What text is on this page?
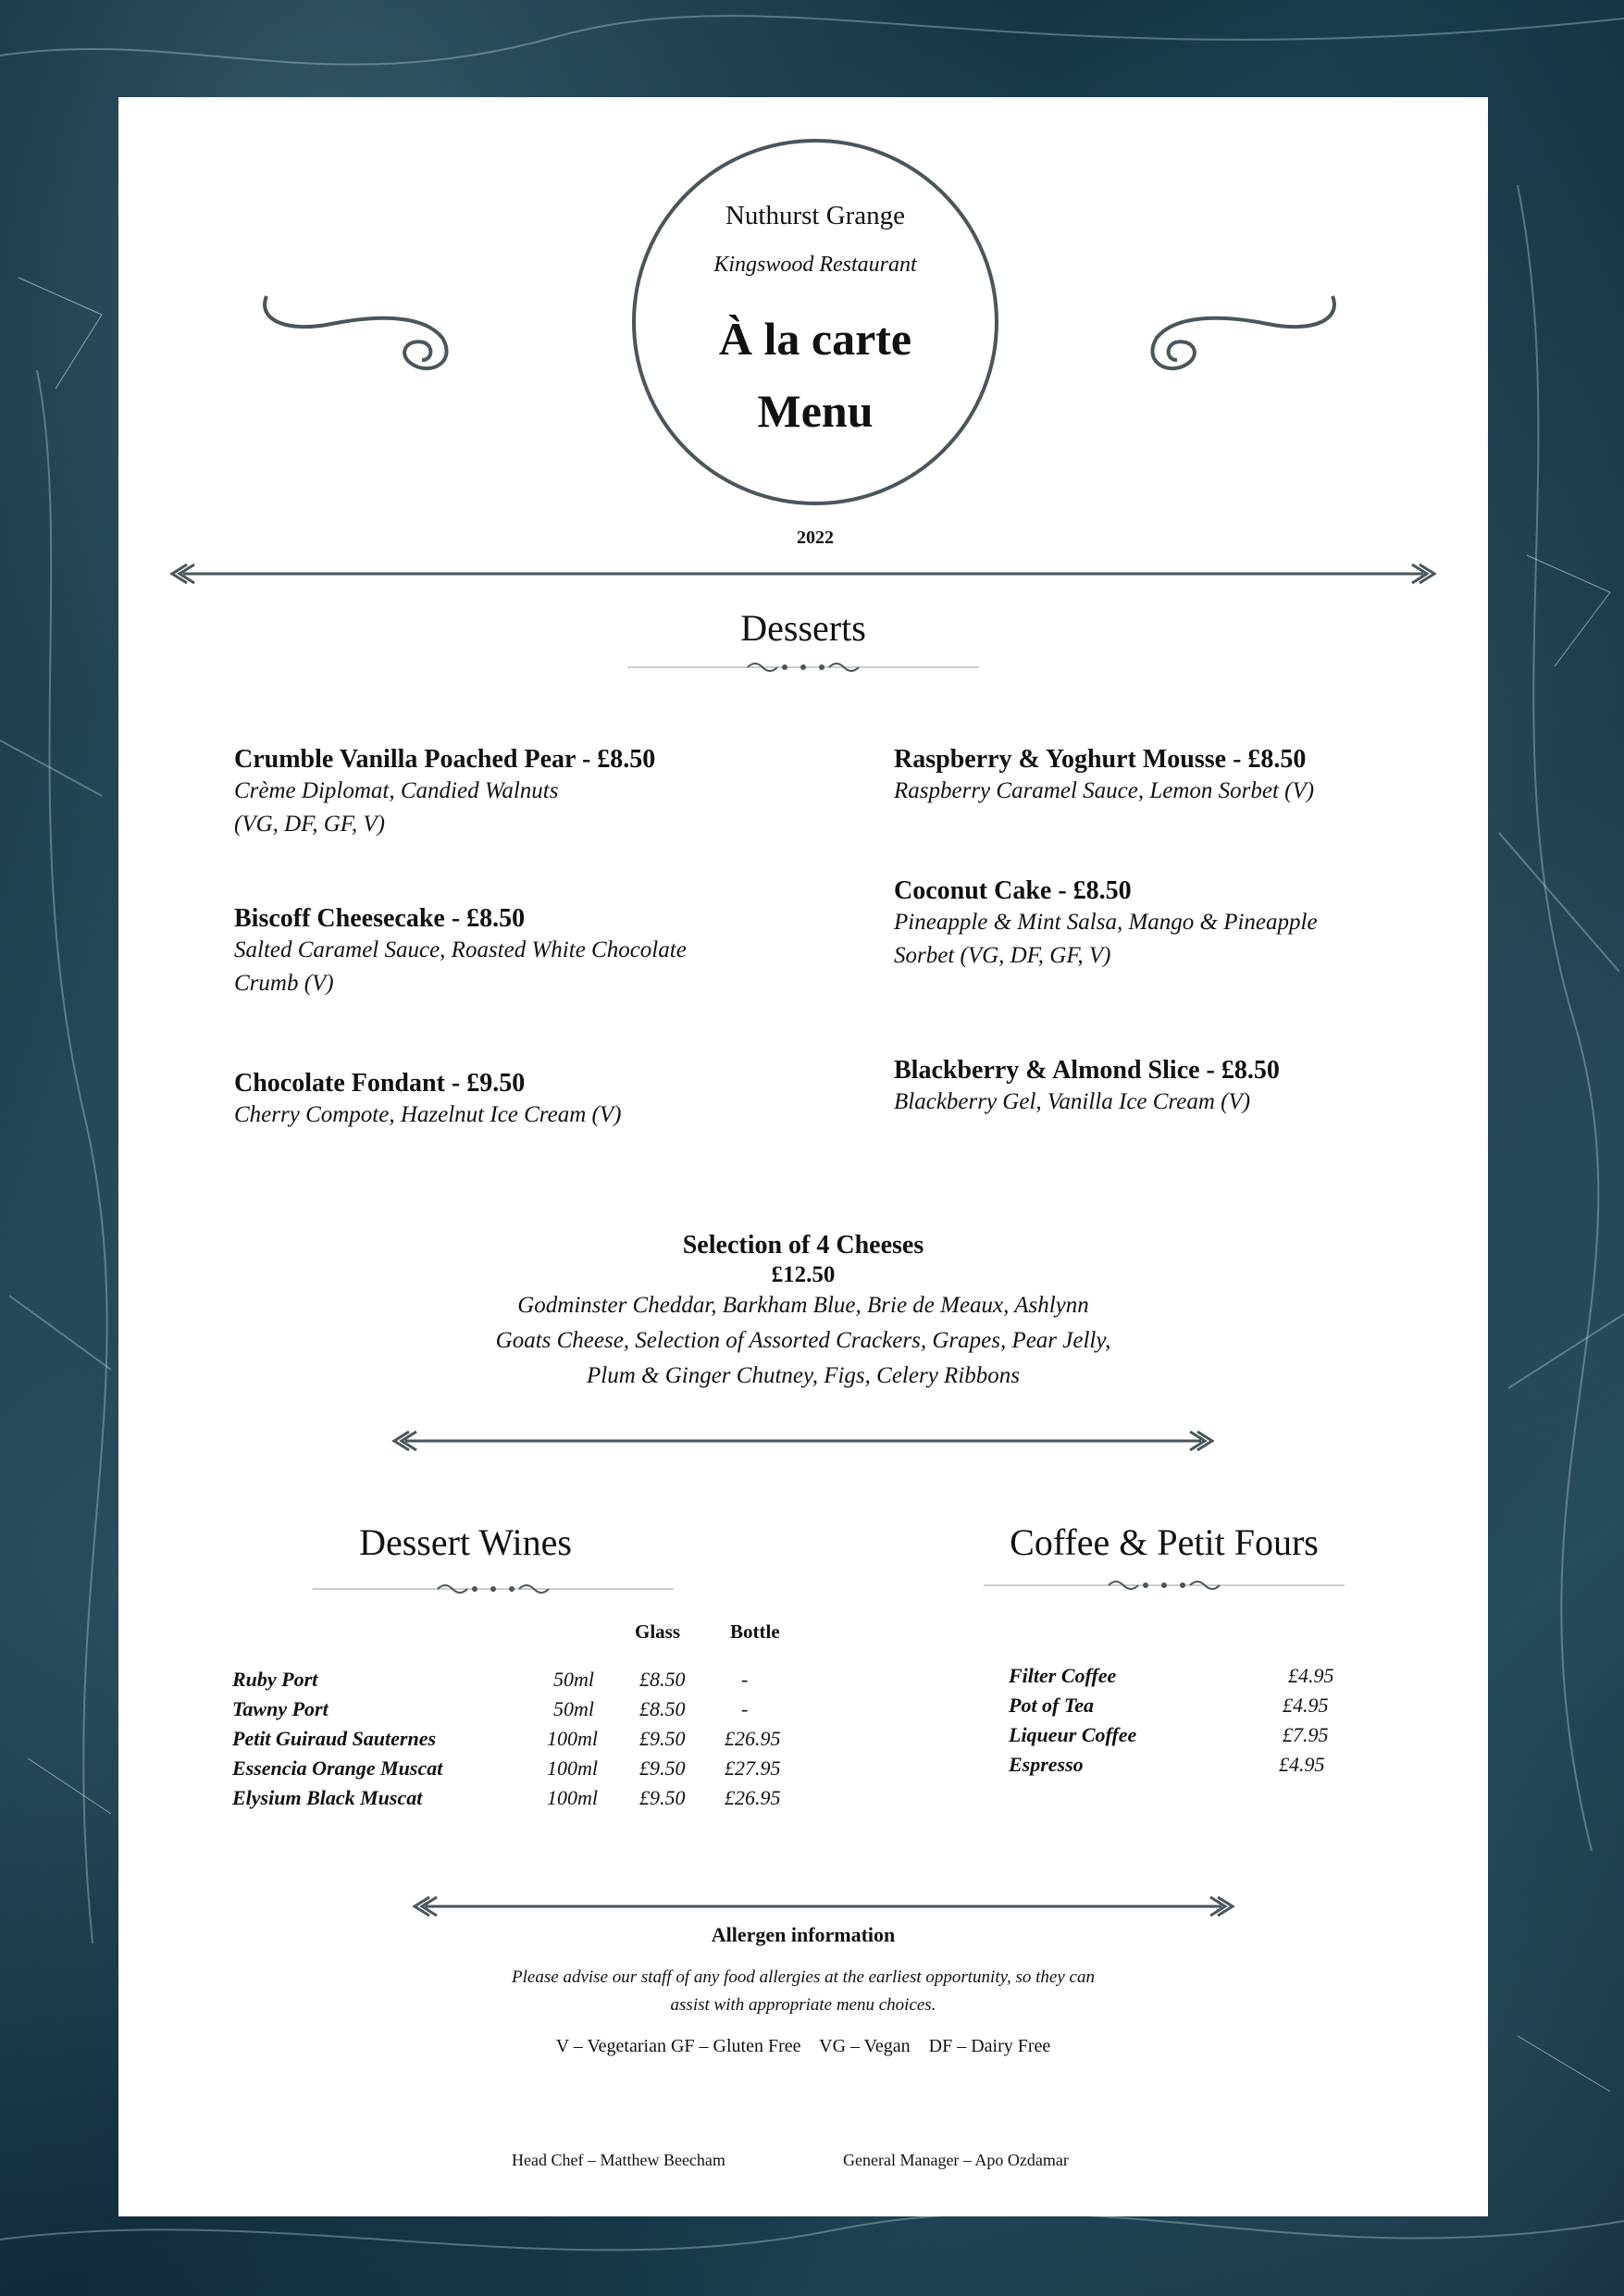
Nuthurst Grange
Kingswood Restaurant
À la carte
Menu
2022
Desserts
Crumble Vanilla Poached Pear - £8.50
Crème Diplomat, Candied Walnuts
(VG, DF, GF, V)
Biscoff Cheesecake - £8.50
Salted Caramel Sauce, Roasted White Chocolate
Crumb (V)
Chocolate Fondant - £9.50
Cherry Compote, Hazelnut Ice Cream (V)
Raspberry & Yoghurt Mousse - £8.50
Raspberry Caramel Sauce, Lemon Sorbet (V)
Coconut Cake - £8.50
Pineapple & Mint Salsa, Mango & Pineapple
Sorbet (VG, DF, GF, V)
Blackberry & Almond Slice - £8.50
Blackberry Gel, Vanilla Ice Cream (V)
Selection of 4 Cheeses
£12.50
Godminster Cheddar, Barkham Blue, Brie de Meaux, Ashlynn
Goats Cheese, Selection of Assorted Crackers, Grapes, Pear Jelly,
Plum & Ginger Chutney, Figs, Celery Ribbons
Dessert Wines
Glass	Bottle
Ruby Port	50ml £8.50	-
Tawny Port	50ml £8.50	-
Petit Guiraud Sauternes	100ml £9.50 £26.95
Essencia Orange Muscat	100ml £9.50 £27.95
Elysium Black Muscat	100ml £9.50 £26.95
Coffee & Petit Fours
Filter Coffee	£4.95
Pot of Tea	£4.95
Liqueur Coffee	£7.95
Espresso	£4.95
Allergen information
Please advise our staff of any food allergies at the earliest opportunity, so they can
assist with appropriate menu choices.
V – Vegetarian GF – Gluten Free    VG – Vegan    DF – Dairy Free
Head Chef – Matthew Beecham	General Manager – Apo Ozdamar
